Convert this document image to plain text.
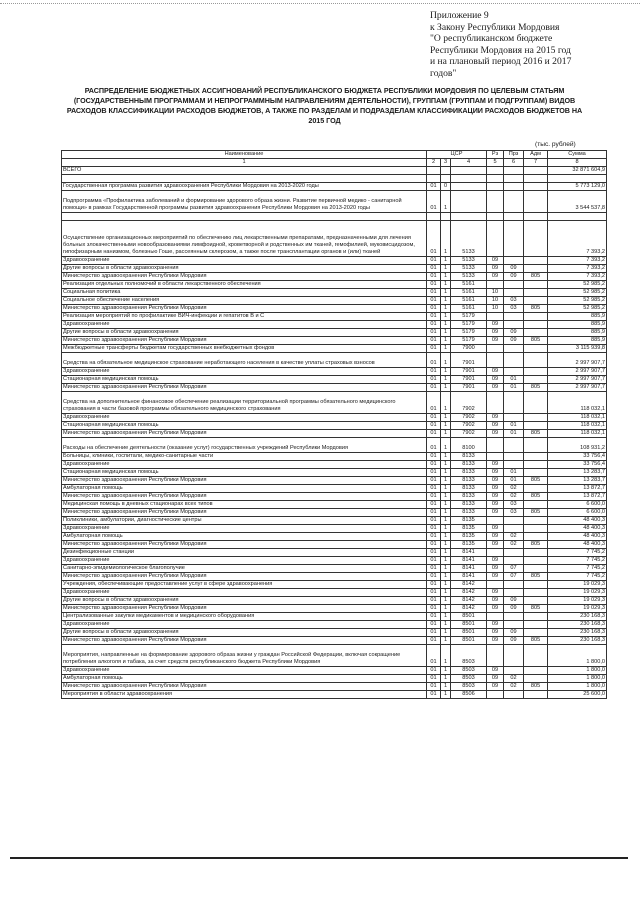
Приложение 9
к Закону Республики Мордовия
"О республиканском бюджете
Республики Мордовия на 2015 год
и на плановый период 2016 и 2017
годов"
РАСПРЕДЕЛЕНИЕ БЮДЖЕТНЫХ АССИГНОВАНИЙ РЕСПУБЛИКАНСКОГО БЮДЖЕТА РЕСПУБЛИКИ МОРДОВИЯ ПО ЦЕЛЕВЫМ СТАТЬЯМ (ГОСУДАРСТВЕННЫМ ПРОГРАММАМ И НЕПРОГРАММНЫМ НАПРАВЛЕНИЯМ ДЕЯТЕЛЬНОСТИ), ГРУППАМ (ГРУППАМ И ПОДГРУППАМ) ВИДОВ РАСХОДОВ КЛАССИФИКАЦИИ РАСХОДОВ БЮДЖЕТОВ, А ТАКЖЕ ПО РАЗДЕЛАМ И ПОДРАЗДЕЛАМ КЛАССИФИКАЦИИ РАСХОДОВ БЮДЖЕТОВ НА 2015 ГОД
(тыс. рублей)
Наименование	ЦСР			Рз	Прз	Адм	Сумма
1	2	3	4	5	6	7	8
ВСЕГО							32 871 604,9

Государственная программа развития здравоохранения Республики Мордовия на 2013-2020 годы	01	0					5 773 129,0
Подпрограмма «Профилактика заболеваний и формирование здорового образа жизни. Развитие первичной медико - санитарной помощи» в рамках Государственной программы развития здравоохранения Республики Мордовия на 2013-2020 годы	01	1					3 544 537,8

Осуществление организационных мероприятий по обеспечению лиц лекарственными препаратами, предназначенными для лечения больных злокачественными новообразованиями лимфоидной, кроветворной и родственных им тканей, гемофилией, муковисцидозом, гипофизарным нанизмом, болезнью Гоше, рассеянным склерозом, а также после трансплантации органов и (или) тканей	01	1	5133				7 393,2
Здравоохранение	01	1	5133	09			7 393,2
Другие вопросы в области здравоохранения	01	1	5133	09	09		7 393,2
Министерство здравоохранения Республики Мордовия	01	1	5133	09	09	805	7 393,2
Реализация отдельных полномочий в области лекарственного обеспечения	01	1	5161				52 985,2
Социальная политика	01	1	5161	10			52 985,2
Социальное обеспечение населения	01	1	5161	10	03		52 985,2
Министерство здравоохранения Республики Мордовия	01	1	5161	10	03	805	52 985,2
Реализация мероприятий по профилактике ВИЧ-инфекции и гепатитов В и С	01	1	5179				885,9
Здравоохранение	01	1	5179	09			885,9
Другие вопросы в области здравоохранения	01	1	5179	09	09		885,9
Министерство здравоохранения Республики Мордовия	01	1	5179	09	09	805	885,9
Межбюджетные трансферты бюджетам государственных внебюджетных фондов	01	1	7900				3 115 939,8
Средства на обязательное медицинское страхование неработающего населения в качестве уплаты страховых взносов	01	1	7901				2 997 907,7
Здравоохранение	01	1	7901	09			2 997 907,7
Стационарная медицинская помощь	01	1	7901	09	01		2 997 907,7
Министерство здравоохранения Республики Мордовия	01	1	7901	09	01	805	2 997 907,7
Средства на дополнительное финансовое обеспечение реализации территориальной программы обязательного медицинского страхования в части базовой программы обязательного медицинского страхования	01	1	7902				118 032,1
Здравоохранение	01	1	7902	09			118 032,1
Стационарная медицинская помощь	01	1	7902	09	01		118 032,1
Министерство здравоохранения Республики Мордовия	01	1	7902	09	01	805	118 032,1
Расходы на обеспечение деятельности (оказание услуг) государственных учреждений Республики Мордовия	01	1	8100				108 931,2
Больницы, клиники, госпитали, медико-санитарные части	01	1	8133				33 756,4
Здравоохранение	01	1	8133	09			33 756,4
Стационарная медицинская помощь	01	1	8133	09	01		13 283,7
Министерство здравоохранения Республики Мордовия	01	1	8133	09	01	805	13 283,7
Амбулаторная помощь	01	1	8133	09	02		13 872,7
Министерство здравоохранения Республики Мордовия	01	1	8133	09	02	805	13 872,7
Медицинская помощь в дневных стационарах всех типов	01	1	8133	09	03		6 600,0
Министерство здравоохранения Республики Мордовия	01	1	8133	09	03	805	6 600,0
Поликлиники, амбулатории, диагностические центры	01	1	8135				48 400,3
Здравоохранение	01	1	8135	09			48 400,3
Амбулаторная помощь	01	1	8135	09	02		48 400,3
Министерство здравоохранения Республики Мордовия	01	1	8135	09	02	805	48 400,3
Дезинфекционные станции	01	1	8141				7 745,2
Здравоохранение	01	1	8141	09			7 745,2
Санитарно-эпидемиологическое благополучие	01	1	8141	09	07		7 745,2
Министерство здравоохранения Республики Мордовия	01	1	8141	09	07	805	7 745,2
Учреждения, обеспечивающие предоставление услуг в сфере здравоохранения	01	1	8142				19 029,3
Здравоохранение	01	1	8142	09			19 029,3
Другие вопросы в области здравоохранения	01	1	8142	09	09		19 029,3
Министерство здравоохранения Республики Мордовия	01	1	8142	09	09	805	19 029,3
Централизованные закупки медикаментов и медицинского оборудования	01	1	8501				230 168,3
Здравоохранение	01	1	8501	09			230 168,3
Другие вопросы в области здравоохранения	01	1	8501	09	09		230 168,3
Министерство здравоохранения Республики Мордовия	01	1	8501	09	09	805	230 168,3
Мероприятия, направленные на формирование здорового образа жизни у граждан Российской Федерации, включая сокращение потребления алкоголя и табака, за счет средств республиканского бюджета Республики Мордовия	01	1	8503				1 800,0
Здравоохранение	01	1	8503	09			1 800,0
Амбулаторная помощь	01	1	8503	09	02		1 800,0
Министерство здравоохранения Республики Мордовия	01	1	8503	09	02	805	1 800,0
Мероприятия в области здравоохранения	01	1	8506				25 600,0
